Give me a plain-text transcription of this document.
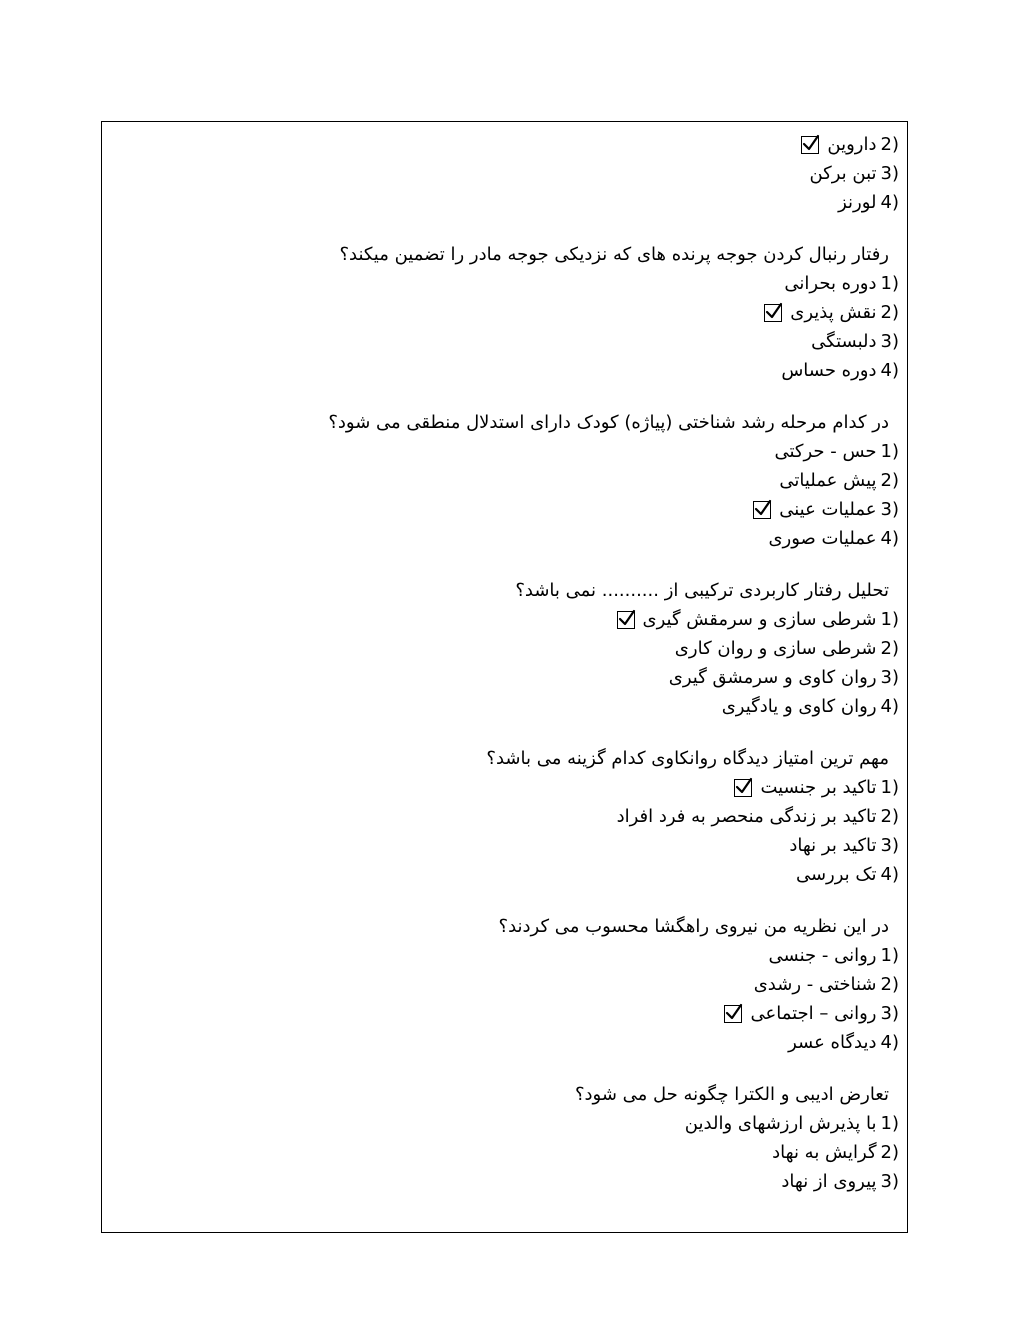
2)
داروین
3)
تبن برکن
4)
لورنز
رفتار رنبال کردن جوجه پرنده های که نزدیکی جوجه مادر را تضمین میکند؟
1)
دوره بحرانی
2)
نقش پذیری
3)
دلبستگی
4)
دوره حساس
در کدام مرحله رشد شناختی (پیاژه) کودک دارای استدلال منطقی می شود؟
1)
حس - حرکتی
2)
پیش عملیاتی
3)
عملیات عینی
4)
عملیات صوری
تحلیل رفتار کاربردی ترکیبی از .......... نمی باشد؟
1)
شرطی سازی و سرمقش گیری
2)
شرطی سازی و روان کاری
3)
روان کاوی و سرمشق گیری
4)
روان کاوی و یادگیری
مهم ترین امتیاز دیدگاه روانکاوی کدام گزینه می باشد؟
1)
تاکید بر جنسیت
2)
تاکید بر زندگی منحصر به فرد افراد
3)
تاکید بر نهاد
4)
تک بررسی
در این نظریه من نیروی راهگشا محسوب می کردند؟
1)
روانی - جنسی
2)
شناختی - رشدی
3)
روانی – اجتماعی
4)
دیدگاه عسر
تعارض ادیبی و الکترا چگونه حل می شود؟
1)
با پذیرش ارزشهای والدین
2)
گرایش به نهاد
3)
پیروی از نهاد
